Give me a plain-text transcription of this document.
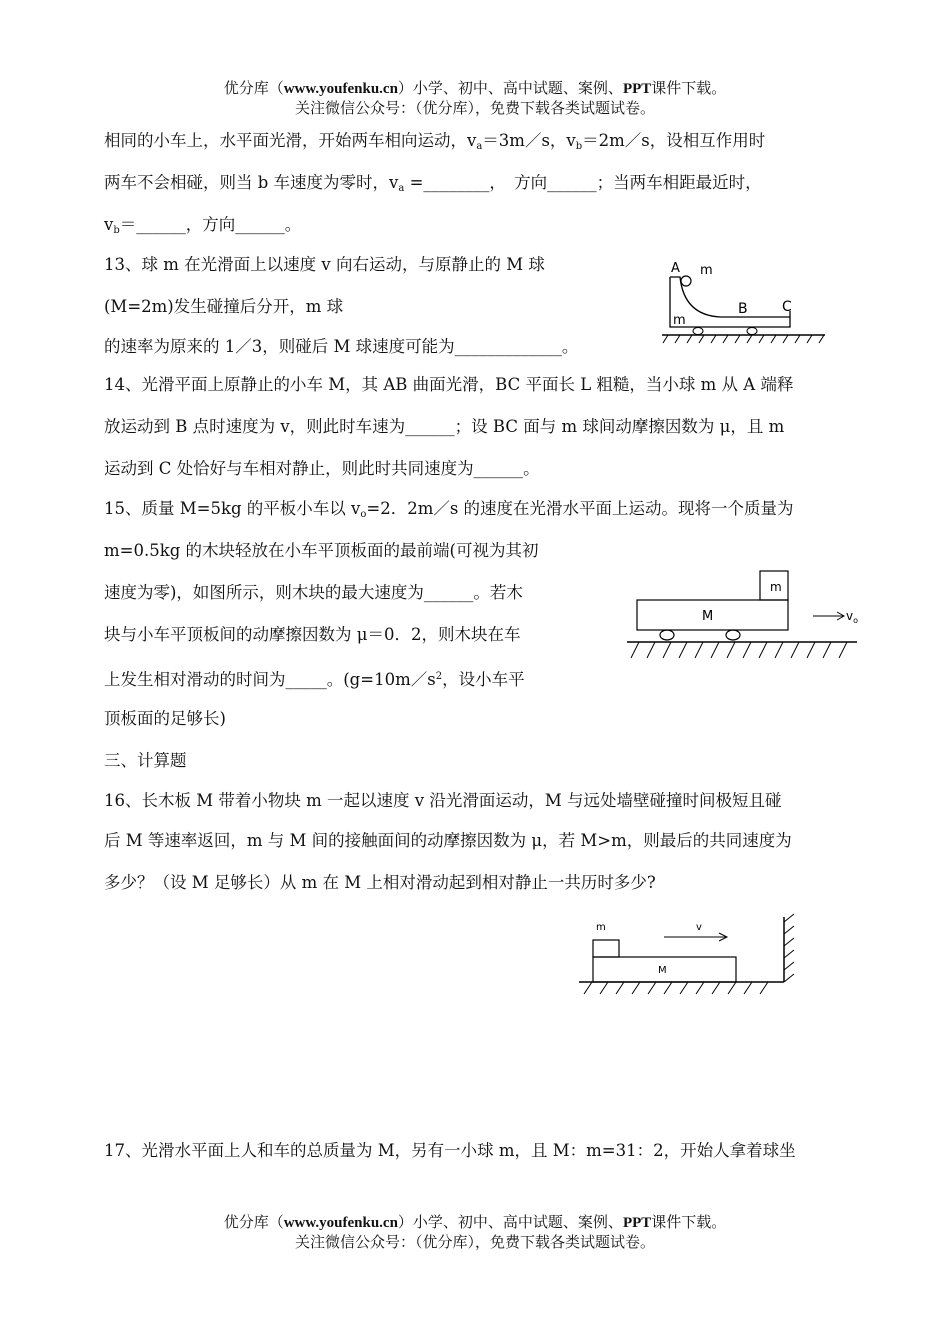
优分库（www.youfenku.cn）小学、初中、高中试题、案例、PPT课件下载。
关注微信公众号：（优分库），免费下载各类试题试卷。
相同的小车上，水平面光滑，开始两车相向运动，$v_a=3m/s$，$v_b=2m/s$，设相互作用时
两车不会相碰，则当 b 车速度为零时，$v_a$ =________，　方向______；当两车相距最近时，
$v_b=\_\_\_\_\_\_$，方向______。
13、球 m 在光滑面上以速度 v 向右运动，与原静止的 M 球
(M=2m)发生碰撞后分开，m 球
的速率为原来的 1／3，则碰后 M 球速度可能为_____________。
A m
B C
m
14、光滑平面上原静止的小车 M，其 AB 曲面光滑，BC 平面长 L 粗糙，当小球 m 从 A 端释
放运动到 B 点时速度为 v，则此时车速为______；设 BC 面与 m 球间动摩擦因数为 μ，且 m
运动到 C 处恰好与车相对静止，则此时共同速度为______。
15、质量 M=5kg 的平板小车以 $v_o=2$．2m／s 的速度在光滑水平面上运动。现将一个质量为
m=0.5kg 的木块轻放在小车平顶板面的最前端(可视为其初
速度为零)，如图所示，则木块的最大速度为______。若木
块与小车平顶板间的动摩擦因数为 μ＝0．2，则木块在车
上发生相对滑动的时间为_____。($g=10m/s^2$，设小车平
顶板面的足够长)
m
M	$v_o$
三、计算题
16、长木板 M 带着小物块 m 一起以速度 v 沿光滑面运动，M 与远处墙壁碰撞时间极短且碰
后 M 等速率返回，m 与 M 间的接触面间的动摩擦因数为 μ，若 M>m，则最后的共同速度为
多少？（设 M 足够长）从 m 在 M 上相对滑动起到相对静止一共历时多少?
m	v
M
17、光滑水平面上人和车的总质量为 M，另有一小球 m，且 M：m=31：2，开始人拿着球坐
优分库（www.youfenku.cn）小学、初中、高中试题、案例、PPT课件下载。
关注微信公众号：（优分库），免费下载各类试题试卷。
